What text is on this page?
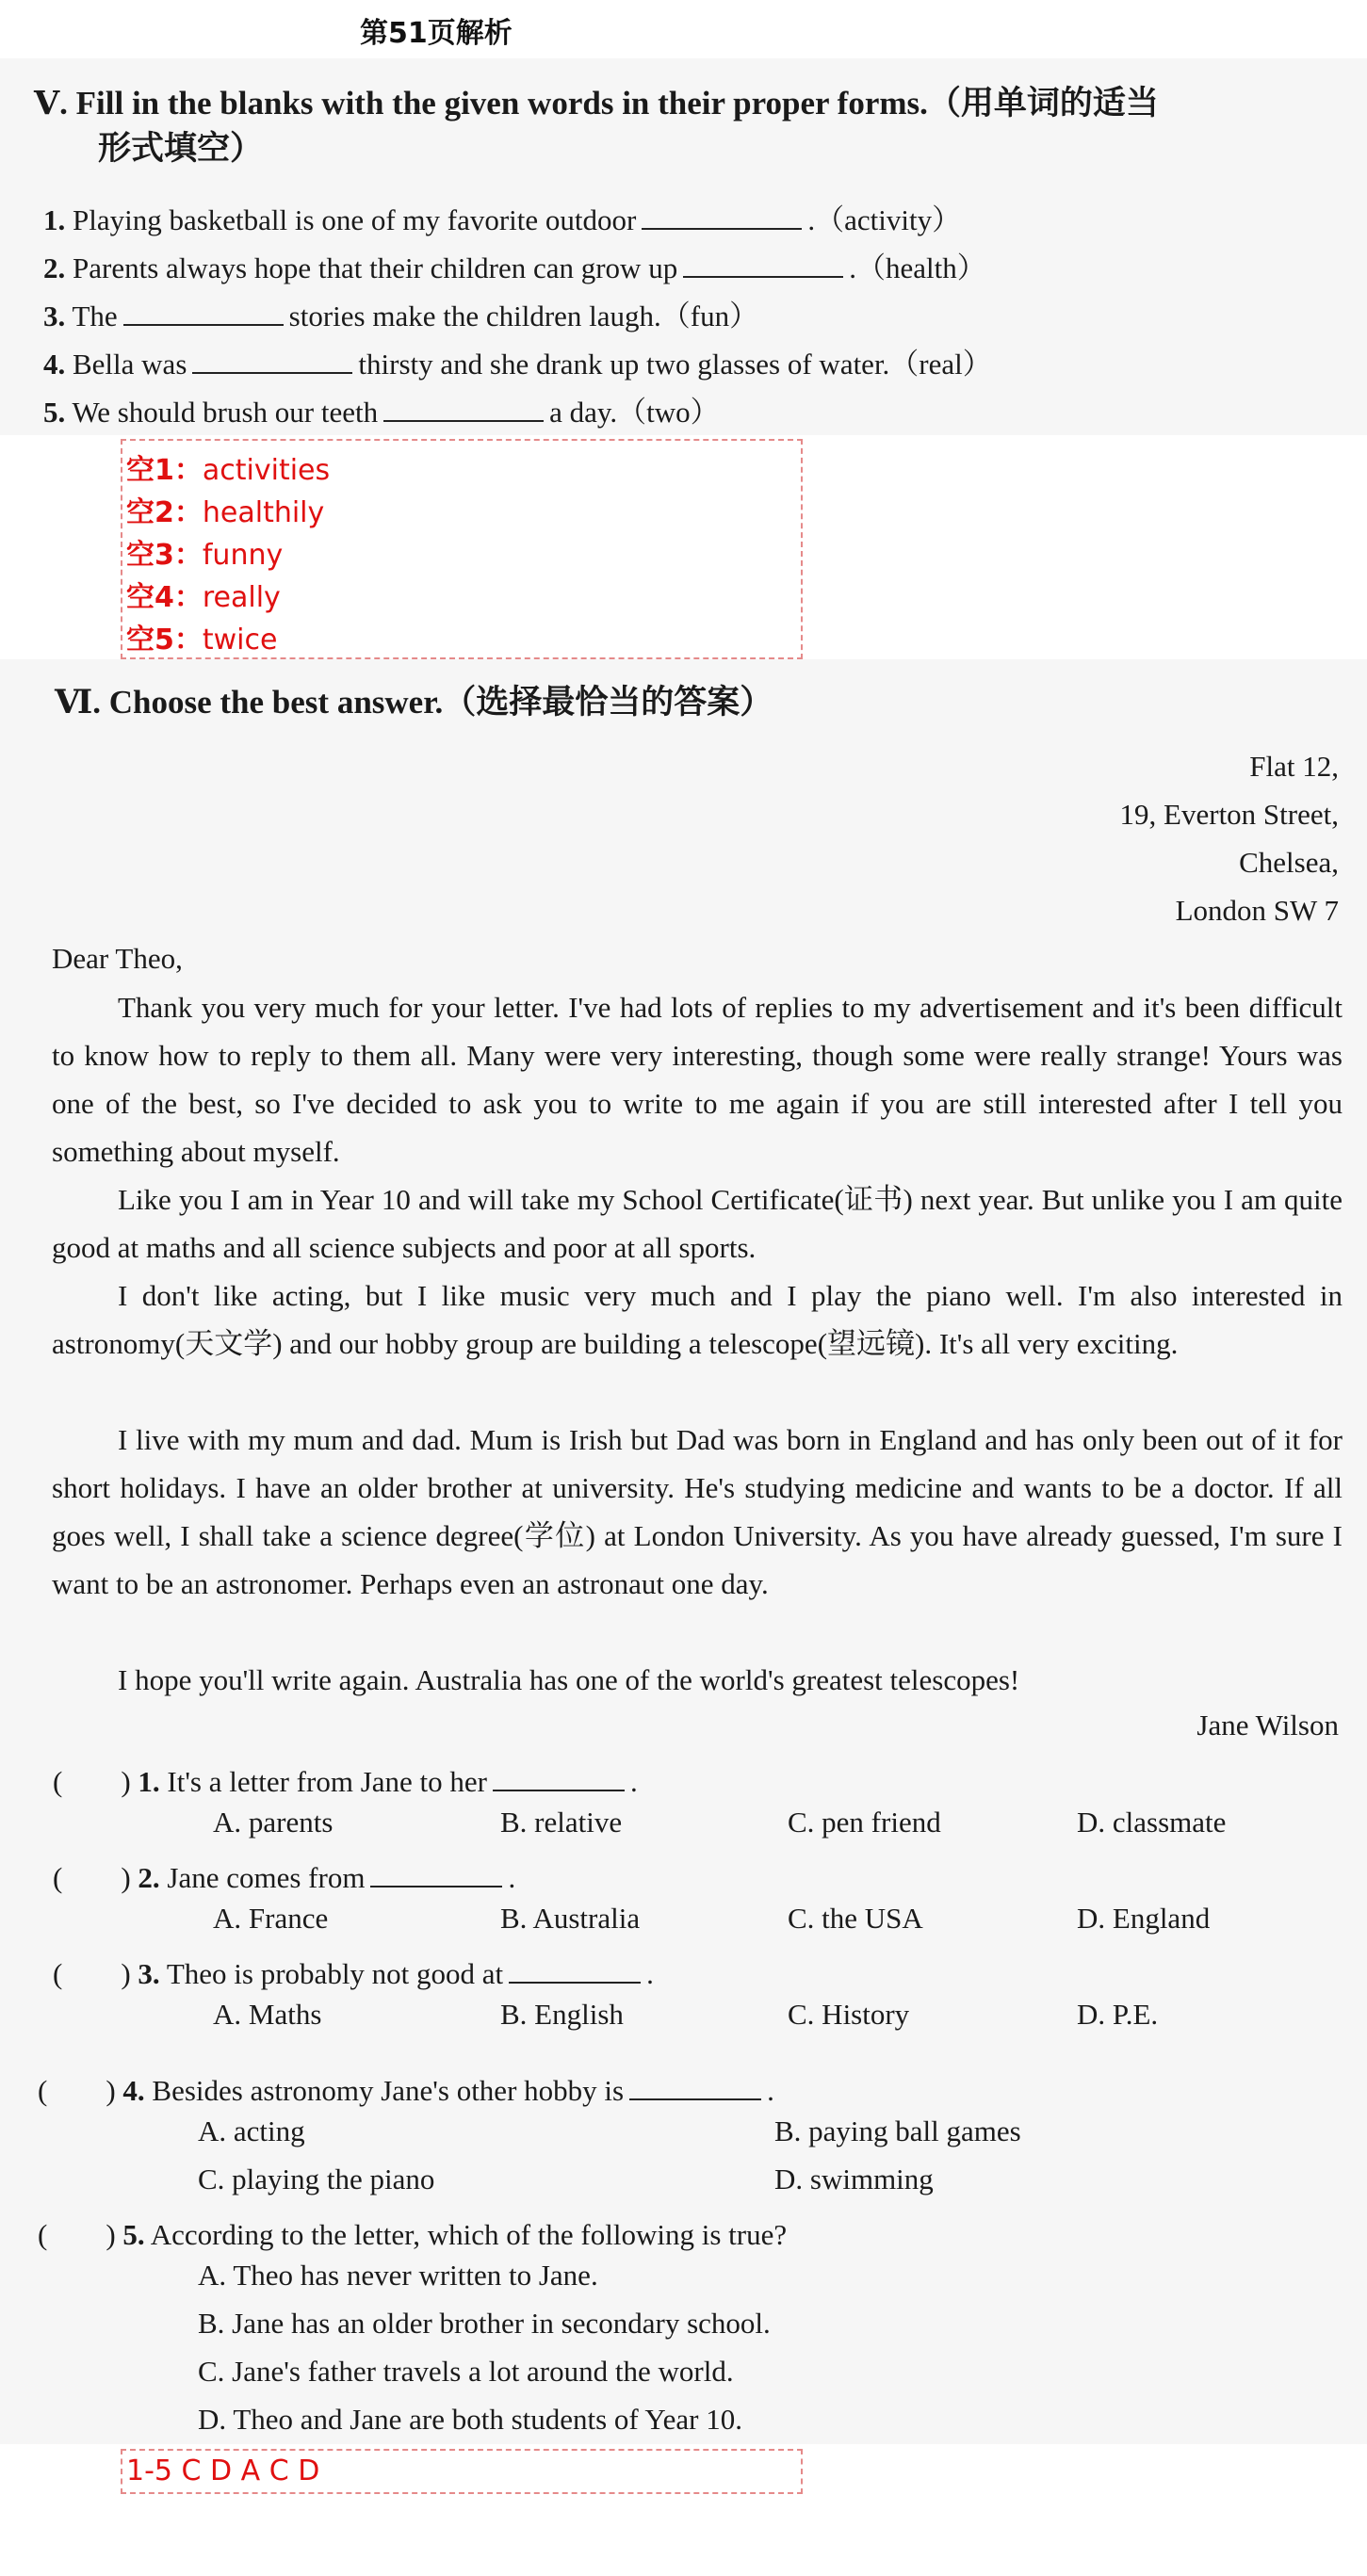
第51页解析
Ⅴ. Fill in the blanks with the given words in their proper forms.（用单词的适当
形式填空）
1. Playing basketball is one of my favorite outdoor	.（activity）
2. Parents always hope that their children can grow up	.（health）
3. The	stories make the children laugh.（fun）
4. Bella was	thirsty and she drank up two glasses of water.（real）
5. We should brush our teeth	a day.（two）
空1：activities
空2：healthily
空3：funny
空4：really
空5：twice
Ⅵ. Choose the best answer.（选择最恰当的答案）
Flat 12,
19, Everton Street,
Chelsea,
London SW 7
Dear Theo,
Thank you very much for your letter. I've had lots of replies to my advertisement and it's been difficult to know how to reply to them all. Many were very interesting, though some were really strange! Yours was one of the best, so I've decided to ask you to write to me again if you are still interested after I tell you something about myself.
Like you I am in Year 10 and will take my School Certificate(证书) next year. But unlike you I am quite good at maths and all science subjects and poor at all sports.
I don't like acting, but I like music very much and I play the piano well. I'm also interested in astronomy(天文学) and our hobby group are building a telescope(望远镜). It's all very exciting.
I live with my mum and dad. Mum is Irish but Dad was born in England and has only been out of it for short holidays. I have an older brother at university. He's studying medicine and wants to be a doctor. If all goes well, I shall take a science degree(学位) at London University. As you have already guessed, I'm sure I want to be an astronomer. Perhaps even an astronaut one day.
I hope you'll write again. Australia has one of the world's greatest telescopes!
Jane Wilson
(　　) 1. It's a letter from Jane to her	.
A. parents	B. relative	C. pen friend	D. classmate
(　　) 2. Jane comes from	.
A. France	B. Australia	C. the USA	D. England
(　　) 3. Theo is probably not good at	.
A. Maths	B. English	C. History	D. P.E.
(　　) 4. Besides astronomy Jane's other hobby is	.
A. acting	B. paying ball games
C. playing the piano	D. swimming
(　　) 5. According to the letter, which of the following is true?
A. Theo has never written to Jane.
B. Jane has an older brother in secondary school.
C. Jane's father travels a lot around the world.
D. Theo and Jane are both students of Year 10.
1-5 C D A C D
